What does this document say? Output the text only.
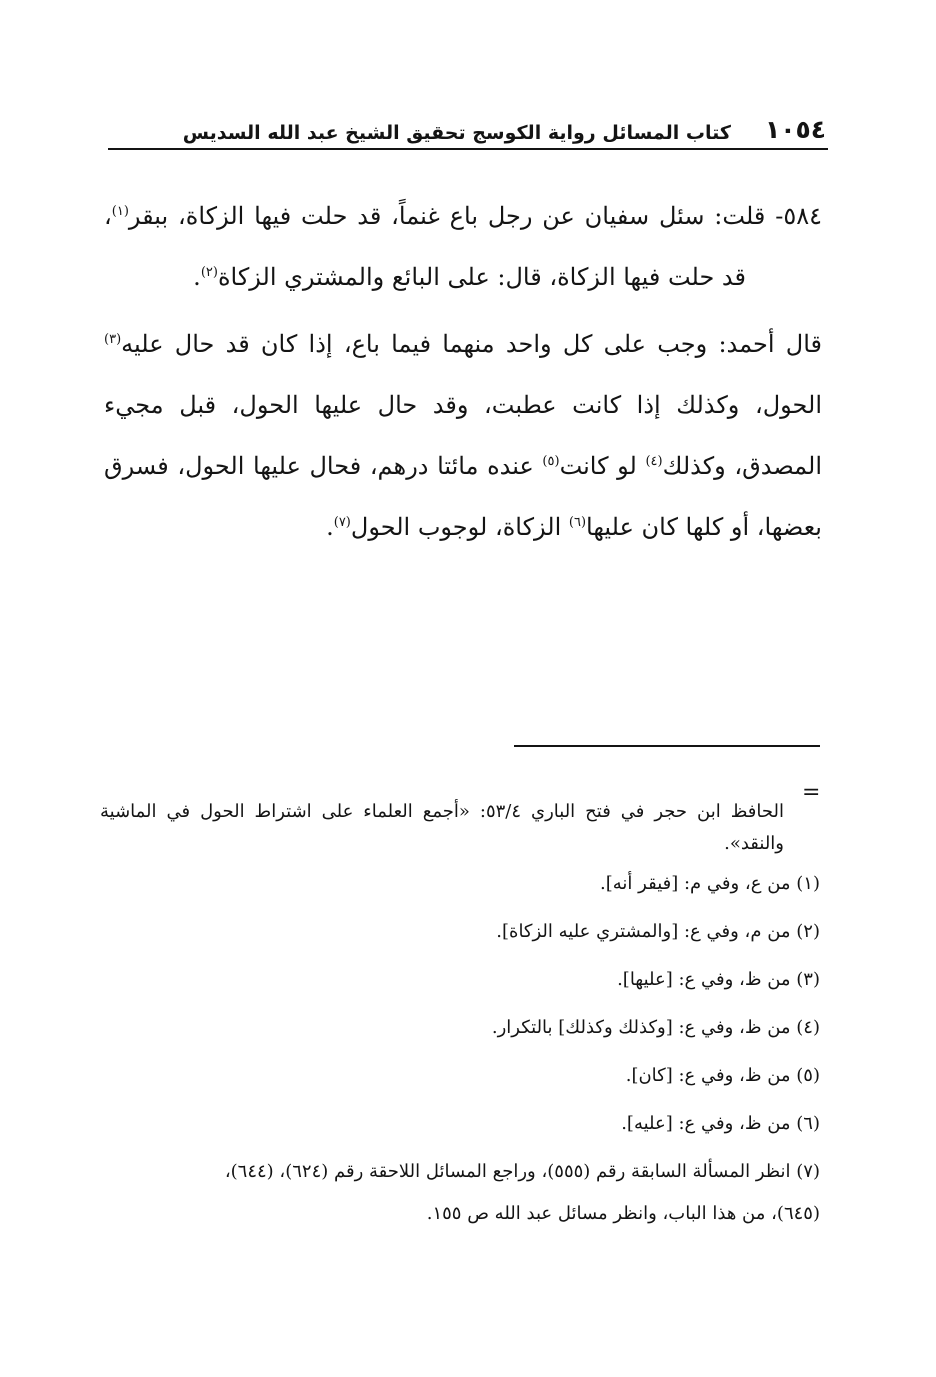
١٠٥٤
كتاب المسائل رواية الكوسج تحقيق الشيخ عبد الله السديس

٥٨٤- قلت: سئل سفيان عن رجل باع غنماً، قد حلت فيها الزكاة، ببقر$^{(١)}$، قد حلت فيها الزكاة، قال: على البائع والمشتري الزكاة$^{(٢)}$.

قال أحمد: وجب على كل واحد منهما فيما باع، إذا كان قد حال عليه$^{(٣)}$ الحول، وكذلك إذا كانت عطبت، وقد حال عليها الحول، قبل مجيء المصدق، وكذلك$^{(٤)}$ لو كانت$^{(٥)}$ عنده مائتا درهم، فحال عليها الحول، فسرق بعضها، أو كلها كان عليها$^{(٦)}$ الزكاة، لوجوب الحول$^{(٧)}$.

=

الحافظ ابن حجر في فتح الباري ٥٣/٤: «أجمع العلماء على اشتراط الحول في الماشية والنقد».

(١) من ع، وفي م: [فيقر أنه].

(٢) من م، وفي ع: [والمشتري عليه الزكاة].

(٣) من ظ، وفي ع: [عليها].

(٤) من ظ، وفي ع: [وكذلك وكذلك] بالتكرار.

(٥) من ظ، وفي ع: [كان].

(٦) من ظ، وفي ع: [عليه].

(٧) انظر المسألة السابقة رقم (٥٥٥)، وراجع المسائل اللاحقة رقم (٦٢٤)، (٦٤٤)،
(٦٤٥)، من هذا الباب، وانظر مسائل عبد الله ص ١٥٥.
